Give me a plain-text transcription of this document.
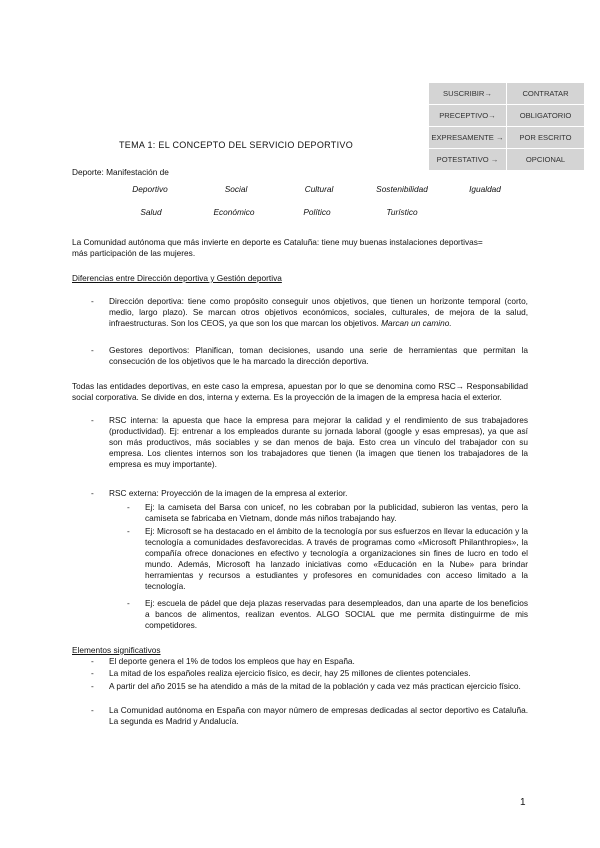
SUSCRIBIR→	CONTRATAR
PRECEPTIVO→	OBLIGATORIO
EXPRESAMENTE →	POR ESCRITO
POTESTATIVO →	OPCIONAL
TEMA 1: EL CONCEPTO DEL SERVICIO DEPORTIVO
Deporte: Manifestación de
Deportivo	Social	Cultural	Sostenibilidad	Igualdad
Salud	Económico	Político	Turístico
La Comunidad autónoma que más invierte en deporte es Cataluña: tiene muy buenas instalaciones deportivas=
más participación de las mujeres.
Diferencias entre Dirección deportiva y Gestión deportiva
- Dirección deportiva: tiene como propósito conseguir unos objetivos, que tienen un horizonte temporal (corto, medio, largo plazo). Se marcan otros objetivos económicos, sociales, culturales, de mejora de la salud, infraestructuras. Son los CEOS, ya que son los que marcan los objetivos. Marcan un camino.
- Gestores deportivos: Planifican, toman decisiones, usando una serie de herramientas que permitan la consecución de los objetivos que le ha marcado la dirección deportiva.
Todas las entidades deportivas, en este caso la empresa, apuestan por lo que se denomina como RSC→ Responsabilidad social corporativa. Se divide en dos, interna y externa. Es la proyección de la imagen de la empresa hacia el exterior.
- RSC interna: la apuesta que hace la empresa para mejorar la calidad y el rendimiento de sus trabajadores (productividad). Ej: entrenar a los empleados durante su jornada laboral (google y esas empresas), ya que así son más productivos, más sociables y se dan menos de baja. Esto crea un vínculo del trabajador con su empresa. Los clientes internos son los trabajadores que tienen (la imagen que tienen los trabajadores de la empresa es muy importante).
- RSC externa: Proyección de la imagen de la empresa al exterior.
- Ej: la camiseta del Barsa con unicef, no les cobraban por la publicidad, subieron las ventas, pero la camiseta se fabricaba en Vietnam, donde más niños trabajando hay.
- Ej: Microsoft se ha destacado en el ámbito de la tecnología por sus esfuerzos en llevar la educación y la tecnología a comunidades desfavorecidas. A través de programas como «Microsoft Philanthropies», la compañía ofrece donaciones en efectivo y tecnología a organizaciones sin fines de lucro en todo el mundo. Además, Microsoft ha lanzado iniciativas como «Educación en la Nube» para brindar herramientas y recursos a estudiantes y profesores en comunidades con acceso limitado a la tecnología.
- Ej: escuela de pádel que deja plazas reservadas para desempleados, dan una aparte de los beneficios a bancos de alimentos, realizan eventos. ALGO SOCIAL que me permita distinguirme de mis competidores.
Elementos significativos
- El deporte genera el 1% de todos los empleos que hay en España.
- La mitad de los españoles realiza ejercicio físico, es decir, hay 25 millones de clientes potenciales.
- A partir del año 2015 se ha atendido a más de la mitad de la población y cada vez más practican ejercicio físico.
- La Comunidad autónoma en España con mayor número de empresas dedicadas al sector deportivo es Cataluña. La segunda es Madrid y Andalucía.
1
